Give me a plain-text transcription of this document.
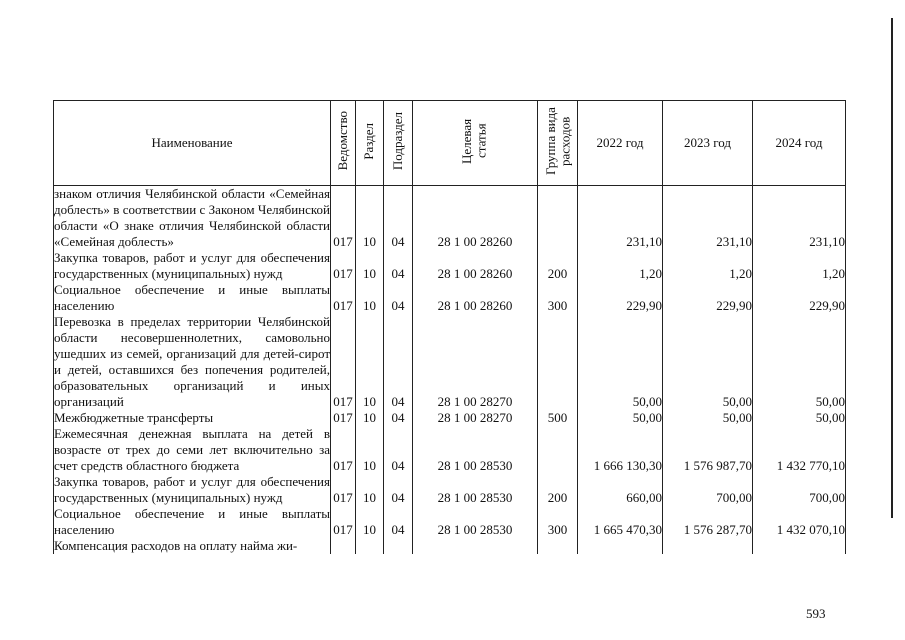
Наименование	Ведомство	Раздел	Подраздел	Целевая статья	Группа вида расходов	2022 год	2023 год	2024 год
знаком отличия Челябинской области «Семейная доблесть» в соответствии с Законом Челябинской области «О знаке отличия Челябинской области «Семейная доблесть»	017	10	04	28 1 00 28260		231,10	231,10	231,10
Закупка товаров, работ и услуг для обеспечения государственных (муниципальных) нужд	017	10	04	28 1 00 28260	200	1,20	1,20	1,20
Социальное обеспечение и иные выплаты населению	017	10	04	28 1 00 28260	300	229,90	229,90	229,90
Перевозка в пределах территории Челябинской области несовершеннолетних, самовольно ушедших из семей, организаций для детей-сирот и детей, оставшихся без попечения родителей, образовательных организаций и иных организаций	017	10	04	28 1 00 28270		50,00	50,00	50,00
Межбюджетные трансферты	017	10	04	28 1 00 28270	500	50,00	50,00	50,00
Ежемесячная денежная выплата на детей в возрасте от трех до семи лет включительно за счет средств областного бюджета	017	10	04	28 1 00 28530		1 666 130,30	1 576 987,70	1 432 770,10
Закупка товаров, работ и услуг для обеспечения государственных (муниципальных) нужд	017	10	04	28 1 00 28530	200	660,00	700,00	700,00
Социальное обеспечение и иные выплаты населению	017	10	04	28 1 00 28530	300	1 665 470,30	1 576 287,70	1 432 070,10
Компенсация расходов на оплату найма жи-								
593
